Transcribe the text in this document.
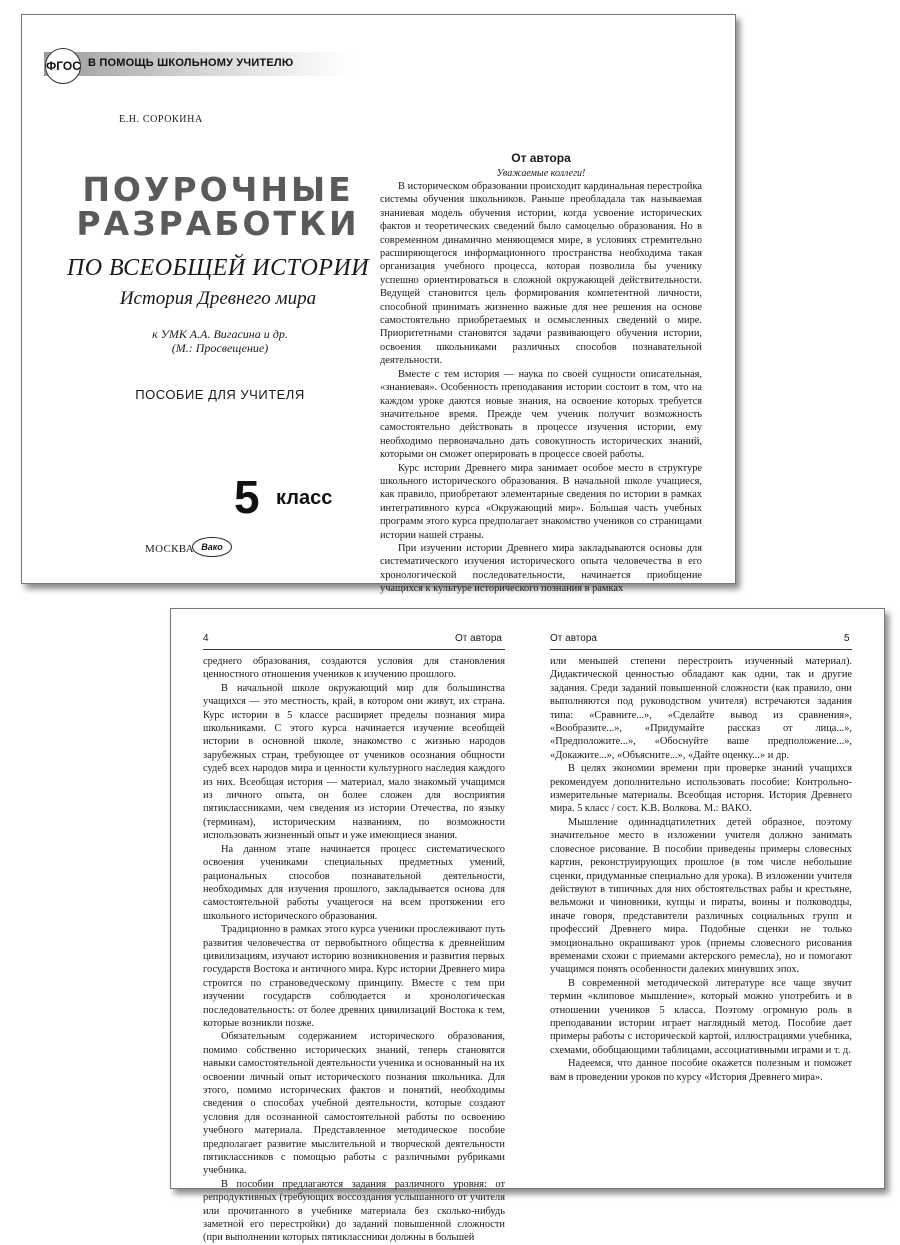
ФГОС В ПОМОЩЬ ШКОЛЬНОМУ УЧИТЕЛЮ
Е.Н. СОРОКИНА
ПОУРОЧНЫЕ
РАЗРАБОТКИ
ПО ВСЕОБЩЕЙ ИСТОРИИ
История Древнего мира
к УМК А.А. Вигасина и др.
(М.: Просвещение)
ПОСОБИЕ ДЛЯ УЧИТЕЛЯ
5 класс
МОСКВА Вако
От автора
Уважаемые коллеги!

В историческом образовании происходит кардинальная перестройка системы обучения школьников. Раньше преобладала так называемая знаниевая модель обучения истории, когда усвоение исторических фактов и теоретических сведений было самоцелью образования. Но в современном динамично меняющемся мире, в условиях стремительно расширяющегося информационного пространства необходима такая организация учебного процесса, которая позволила бы ученику успешно ориентироваться в сложной окружающей действительности. Ведущей становится цель формирования компетентной личности, способной принимать жизненно важные для нее решения на основе самостоятельно приобретаемых и осмысленных сведений о мире. Приоритетными становятся задачи развивающего обучения истории, освоения школьниками различных способов познавательной деятельности.

Вместе с тем история — наука по своей сущности описательная, «знаниевая». Особенность преподавания истории состоит в том, что на каждом уроке даются новые знания, на освоение которых требуется значительное время. Прежде чем ученик получит возможность самостоятельно действовать в процессе изучения истории, ему необходимо первоначально дать совокупность исторических знаний, которыми он сможет оперировать в процессе своей работы.

Курс истории Древнего мира занимает особое место в структуре школьного исторического образования. В начальной школе учащиеся, как правило, приобретают элементарные сведения по истории в рамках интегративного курса «Окружающий мир». Бо́льшая часть учебных программ этого курса предполагает знакомство учеников со страницами истории нашей страны.

При изучении истории Древнего мира закладываются основы для систематического изучения исторического опыта человечества в его хронологической последовательности, начинается приобщение учащихся к культуре исторического познания в рамках

4	От автора

среднего образования, создаются условия для становления ценностного отношения учеников к изучению прошлого.

В начальной школе окружающий мир для большинства учащихся — это местность, край, в котором они живут, их страна. Курс истории в 5 классе расширяет пределы познания мира школьниками. С этого курса начинается изучение всеобщей истории в основной школе, знакомство с жизнью народов зарубежных стран, требующее от учеников осознания общности судеб всех народов мира и ценности культурного наследия каждого из них. Всеобщая история — материал, мало знакомый учащимся из личного опыта, он более сложен для восприятия пятиклассниками, чем сведения из истории Отечества, по языку (терминам), историческим названиям, по возможности использовать жизненный опыт и уже имеющиеся знания.

На данном этапе начинается процесс систематического освоения учениками специальных предметных умений, рациональных способов познавательной деятельности, необходимых для изучения прошлого, закладывается основа для самостоятельной работы учащегося на всем протяжении его школьного исторического образования.

Традиционно в рамках этого курса ученики прослеживают путь развития человечества от первобытного общества к древнейшим цивилизациям, изучают историю возникновения и развития первых государств Востока и античного мира. Курс истории Древнего мира строится по страноведческому принципу. Вместе с тем при изучении государств соблюдается и хронологическая последовательность: от более древних цивилизаций Востока к тем, которые возникли позже.

Обязательным содержанием исторического образования, помимо собственно исторических знаний, теперь становятся навыки самостоятельной деятельности ученика и основанный на их освоении личный опыт исторического познания школьника. Для этого, помимо исторических фактов и понятий, необходимы сведения о способах учебной деятельности, которые создают условия для осознанной самостоятельной работы по освоению учебного материала. Представленное методическое пособие предполагает развитие мыслительной и творческой деятельности пятиклассников с помощью работы с различными рубриками учебника.

В пособии предлагаются задания различного уровня: от репродуктивных (требующих воссоздания услышанного от учителя или прочитанного в учебнике материала без сколько-нибудь заметной его перестройки) до заданий повышенной сложности (при выполнении которых пятиклассники должны в большей

От автора	5

или меньшей степени перестроить изученный материал). Дидактической ценностью обладают как одни, так и другие задания. Среди заданий повышенной сложности (как правило, они выполняются под руководством учителя) встречаются задания типа: «Сравните...», «Сделайте вывод из сравнения», «Вообразите...», «Придумайте рассказ от лица...», «Предположите...», «Обоснуйте ваше предположение...», «Докажите...», «Объясните...», «Дайте оценку...» и др.

В целях экономии времени при проверке знаний учащихся рекомендуем дополнительно использовать пособие: Контрольно-измерительные материалы. Всеобщая история. История Древнего мира. 5 класс / сост. К.В. Волкова. М.: ВАКО.

Мышление одиннадцатилетних детей образное, поэтому значительное место в изложении учителя должно занимать словесное рисование. В пособии приведены примеры словесных картин, реконструирующих прошлое (в том числе небольшие сценки, придуманные специально для урока). В изложении учителя действуют в типичных для них обстоятельствах рабы и крестьяне, вельможи и чиновники, купцы и пираты, воины и полководцы, иначе говоря, представители различных социальных групп и профессий Древнего мира. Подобные сценки не только эмоционально окрашивают урок (приемы словесного рисования временами схожи с приемами актерского ремесла), но и помогают учащимся понять особенности далеких минувших эпох.

В современной методической литературе все чаще звучит термин «клиповое мышление», который можно употребить и в отношении учеников 5 класса. Поэтому огромную роль в преподавании истории играет наглядный метод. Пособие дает примеры работы с исторической картой, иллюстрациями учебника, схемами, обобщающими таблицами, ассоциативными играми и т. д.

Надеемся, что данное пособие окажется полезным и поможет вам в проведении уроков по курсу «История Древнего мира».
